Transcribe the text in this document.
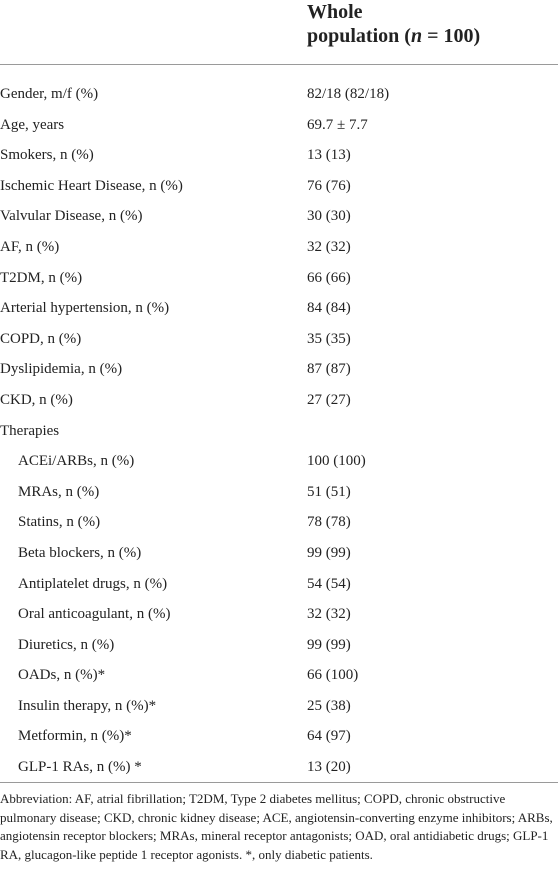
Whole
population (n = 100)
Gender, m/f (%)	82/18 (82/18)
Age, years	69.7 ± 7.7
Smokers, n (%)	13 (13)
Ischemic Heart Disease, n (%)	76 (76)
Valvular Disease, n (%)	30 (30)
AF, n (%)	32 (32)
T2DM, n (%)	66 (66)
Arterial hypertension, n (%)	84 (84)
COPD, n (%)	35 (35)
Dyslipidemia, n (%)	87 (87)
CKD, n (%)	27 (27)
Therapies
ACEi/ARBs, n (%)	100 (100)
MRAs, n (%)	51 (51)
Statins, n (%)	78 (78)
Beta blockers, n (%)	99 (99)
Antiplatelet drugs, n (%)	54 (54)
Oral anticoagulant, n (%)	32 (32)
Diuretics, n (%)	99 (99)
OADs, n (%)*	66 (100)
Insulin therapy, n (%)*	25 (38)
Metformin, n (%)*	64 (97)
GLP-1 RAs, n (%) *	13 (20)
Abbreviation: AF, atrial fibrillation; T2DM, Type 2 diabetes mellitus; COPD, chronic obstructive pulmonary disease; CKD, chronic kidney disease; ACE, angiotensin-converting enzyme inhibitors; ARBs, angiotensin receptor blockers; MRAs, mineral receptor antagonists; OAD, oral antidiabetic drugs; GLP-1 RA, glucagon-like peptide 1 receptor agonists. *, only diabetic patients.
